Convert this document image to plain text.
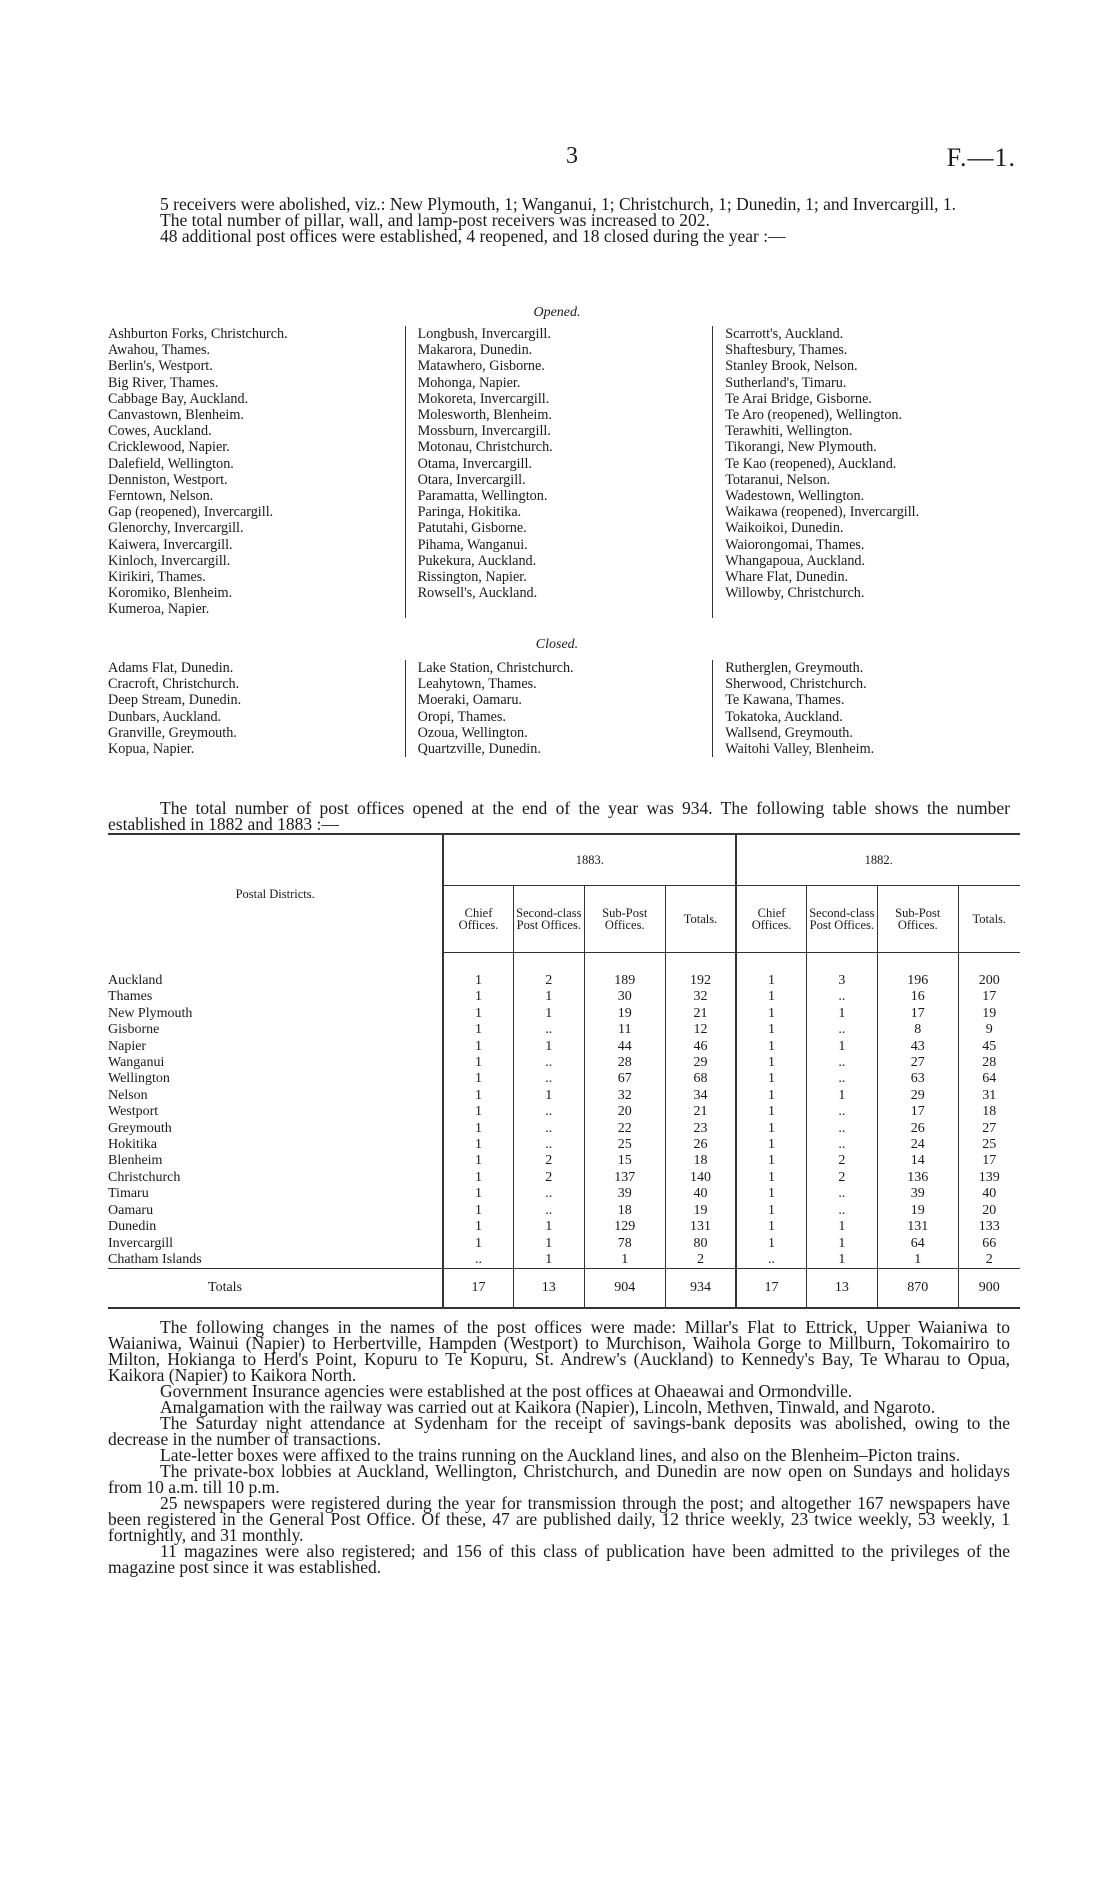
3	F.—1.

5 receivers were abolished, viz.: New Plymouth, 1; Wanganui, 1; Christchurch, 1; Dunedin, 1; and Invercargill, 1.

The total number of pillar, wall, and lamp-post receivers was increased to 202.

48 additional post offices were established, 4 reopened, and 18 closed during the year :—

Opened.
Ashburton Forks, Christchurch.
Awahou, Thames.
Berlin's, Westport.
Big River, Thames.
Cabbage Bay, Auckland.
Canvastown, Blenheim.
Cowes, Auckland.
Cricklewood, Napier.
Dalefield, Wellington.
Denniston, Westport.
Ferntown, Nelson.
Gap (reopened), Invercargill.
Glenorchy, Invercargill.
Kaiwera, Invercargill.
Kinloch, Invercargill.
Kirikiri, Thames.
Koromiko, Blenheim.
Kumeroa, Napier.
Longbush, Invercargill.
Makarora, Dunedin.
Matawhero, Gisborne.
Mohonga, Napier.
Mokoreta, Invercargill.
Molesworth, Blenheim.
Mossburn, Invercargill.
Motonau, Christchurch.
Otama, Invercargill.
Otara, Invercargill.
Paramatta, Wellington.
Paringa, Hokitika.
Patutahi, Gisborne.
Pihama, Wanganui.
Pukekura, Auckland.
Rissington, Napier.
Rowsell's, Auckland.
Scarrott's, Auckland.
Shaftesbury, Thames.
Stanley Brook, Nelson.
Sutherland's, Timaru.
Te Arai Bridge, Gisborne.
Te Aro (reopened), Wellington.
Terawhiti, Wellington.
Tikorangi, New Plymouth.
Te Kao (reopened), Auckland.
Totaranui, Nelson.
Wadestown, Wellington.
Waikawa (reopened), Invercargill.
Waikoikoi, Dunedin.
Waiorongomai, Thames.
Whangapoua, Auckland.
Whare Flat, Dunedin.
Willowby, Christchurch.
Closed.
Adams Flat, Dunedin.
Cracroft, Christchurch.
Deep Stream, Dunedin.
Dunbars, Auckland.
Granville, Greymouth.
Kopua, Napier.
Lake Station, Christchurch.
Leahytown, Thames.
Moeraki, Oamaru.
Oropi, Thames.
Ozoua, Wellington.
Quartzville, Dunedin.
Rutherglen, Greymouth.
Sherwood, Christchurch.
Te Kawana, Thames.
Tokatoka, Auckland.
Wallsend, Greymouth.
Waitohi Valley, Blenheim.

The total number of post offices opened at the end of the year was 934. The following table shows the number established in 1882 and 1883 :—

Postal Districts.	1883.				1882.			
	Chief Offices.	Second-class Post Offices.	Sub-Post Offices.	Totals.	Chief Offices.	Second-class Post Offices.	Sub-Post Offices.	Totals.
Auckland	1	2	189	192	1	3	196	200
Thames	1	1	30	32	1	..	16	17
New Plymouth	1	1	19	21	1	1	17	19
Gisborne	1	..	11	12	1	..	8	9
Napier	1	1	44	46	1	1	43	45
Wanganui	1	..	28	29	1	..	27	28
Wellington	1	..	67	68	1	..	63	64
Nelson	1	1	32	34	1	1	29	31
Westport	1	..	20	21	1	..	17	18
Greymouth	1	..	22	23	1	..	26	27
Hokitika	1	..	25	26	1	..	24	25
Blenheim	1	2	15	18	1	2	14	17
Christchurch	1	2	137	140	1	2	136	139
Timaru	1	..	39	40	1	..	39	40
Oamaru	1	..	18	19	1	..	19	20
Dunedin	1	1	129	131	1	1	131	133
Invercargill	1	1	78	80	1	1	64	66
Chatham Islands	..	1	1	2	..	1	1	2
Totals	17	13	904	934	17	13	870	900

The following changes in the names of the post offices were made: Millar's Flat to Ettrick, Upper Waianiwa to Waianiwa, Wainui (Napier) to Herbertville, Hampden (Westport) to Murchison, Waihola Gorge to Millburn, Tokomairiro to Milton, Hokianga to Herd's Point, Kopuru to Te Kopuru, St. Andrew's (Auckland) to Kennedy's Bay, Te Wharau to Opua, Kaikora (Napier) to Kaikora North.

Government Insurance agencies were established at the post offices at Ohaeawai and Ormondville.

Amalgamation with the railway was carried out at Kaikora (Napier), Lincoln, Methven, Tinwald, and Ngaroto.

The Saturday night attendance at Sydenham for the receipt of savings-bank deposits was abolished, owing to the decrease in the number of transactions.

Late-letter boxes were affixed to the trains running on the Auckland lines, and also on the Blenheim–Picton trains.

The private-box lobbies at Auckland, Wellington, Christchurch, and Dunedin are now open on Sundays and holidays from 10 a.m. till 10 p.m.

25 newspapers were registered during the year for transmission through the post; and altogether 167 newspapers have been registered in the General Post Office. Of these, 47 are published daily, 12 thrice weekly, 23 twice weekly, 53 weekly, 1 fortnightly, and 31 monthly.

11 magazines were also registered; and 156 of this class of publication have been admitted to the privileges of the magazine post since it was established.
